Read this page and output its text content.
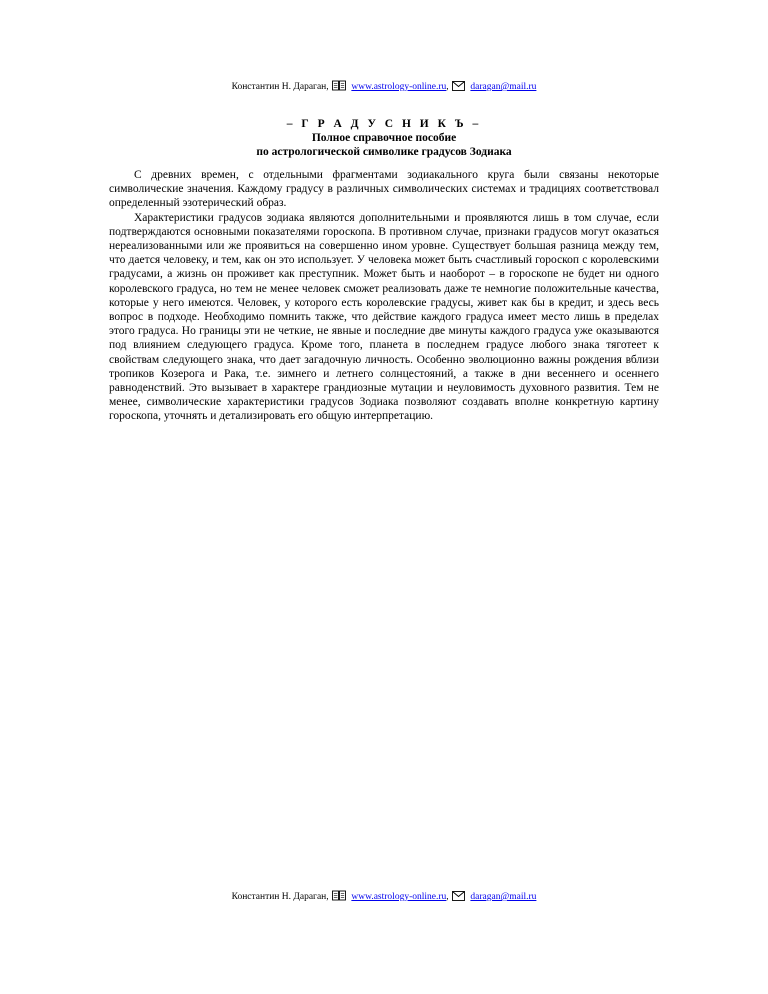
Константин Н. Дараган, www.astrology-online.ru, daragan@mail.ru
– Г Р А Д У С Н И К Ъ –
Полное справочное пособие
по астрологической символике градусов Зодиака

С древних времен, с отдельными фрагментами зодиакального круга были связаны некоторые символические значения. Каждому градусу в различных символических системах и традициях соответствовал определенный эзотерический образ.

Характеристики градусов зодиака являются дополнительными и проявляются лишь в том случае, если подтверждаются основными показателями гороскопа. В противном случае, признаки градусов могут оказаться нереализованными или же проявиться на совершенно ином уровне. Существует большая разница между тем, что дается человеку, и тем, как он это использует. У человека может быть счастливый гороскоп с королевскими градусами, а жизнь он проживет как преступник. Может быть и наоборот – в гороскопе не будет ни одного королевского градуса, но тем не менее человек сможет реализовать даже те немногие положительные качества, которые у него имеются. Человек, у которого есть королевские градусы, живет как бы в кредит, и здесь весь вопрос в подходе. Необходимо помнить также, что действие каждого градуса имеет место лишь в пределах этого градуса. Но границы эти не четкие, не явные и последние две минуты каждого градуса уже оказываются под влиянием следующего градуса. Кроме того, планета в последнем градусе любого знака тяготеет к свойствам следующего знака, что дает загадочную личность. Особенно эволюционно важны рождения вблизи тропиков Козерога и Рака, т.е. зимнего и летнего солнцестояний, а также в дни весеннего и осеннего равноденствий. Это вызывает в характере грандиозные мутации и неуловимость духовного развития. Тем не менее, символические характеристики градусов Зодиака позволяют создавать вполне конкретную картину гороскопа, уточнять и детализировать его общую интерпретацию.

Константин Н. Дараган, www.astrology-online.ru, daragan@mail.ru
